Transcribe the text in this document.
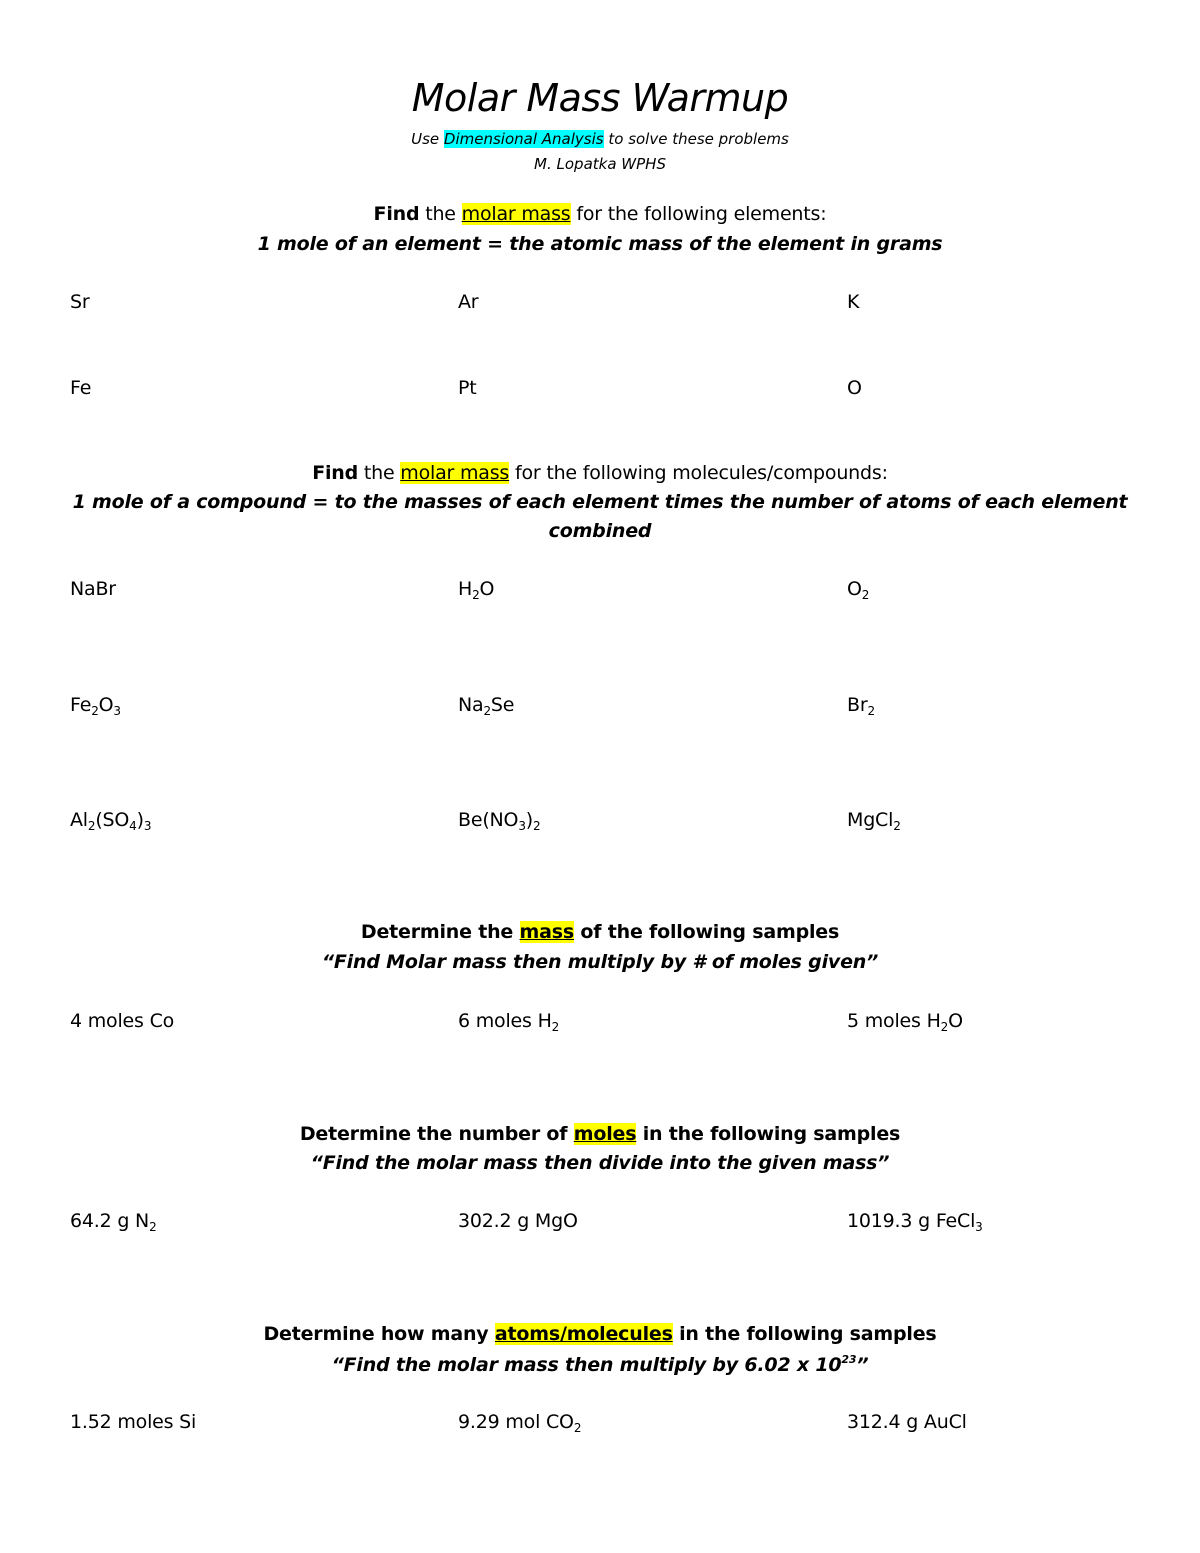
Molar Mass Warmup
Use Dimensional Analysis to solve these problems
M. Lopatka WPHS
Find the molar mass for the following elements:
1 mole of an element = the atomic mass of the element in grams
Sr	Ar	K
Fe	Pt	O
Find the molar mass for the following molecules/compounds:
1 mole of a compound = to the masses of each element times the number of atoms of each element
combined
NaBr	$H_2O$	$O_2$
$Fe_2O_3$	$Na_2Se$	$Br_2$
$Al_2(SO_4)_3$	$Be(NO_3)_2$	MgCl$_2$
Determine the mass of the following samples
“Find Molar mass then multiply by # of moles given”
4 moles Co	6 moles $H_2$	5 moles $H_2O$
Determine the number of moles in the following samples
“Find the molar mass then divide into the given mass”
64.2 g $N_2$	302.2 g MgO	1019.3 g FeCl$_3$
Determine how many atoms/molecules in the following samples
“Find the molar mass then multiply by 6.02 x $10^{23}$”
1.52 moles Si	9.29 mol $CO_2$	312.4 g AuCl
